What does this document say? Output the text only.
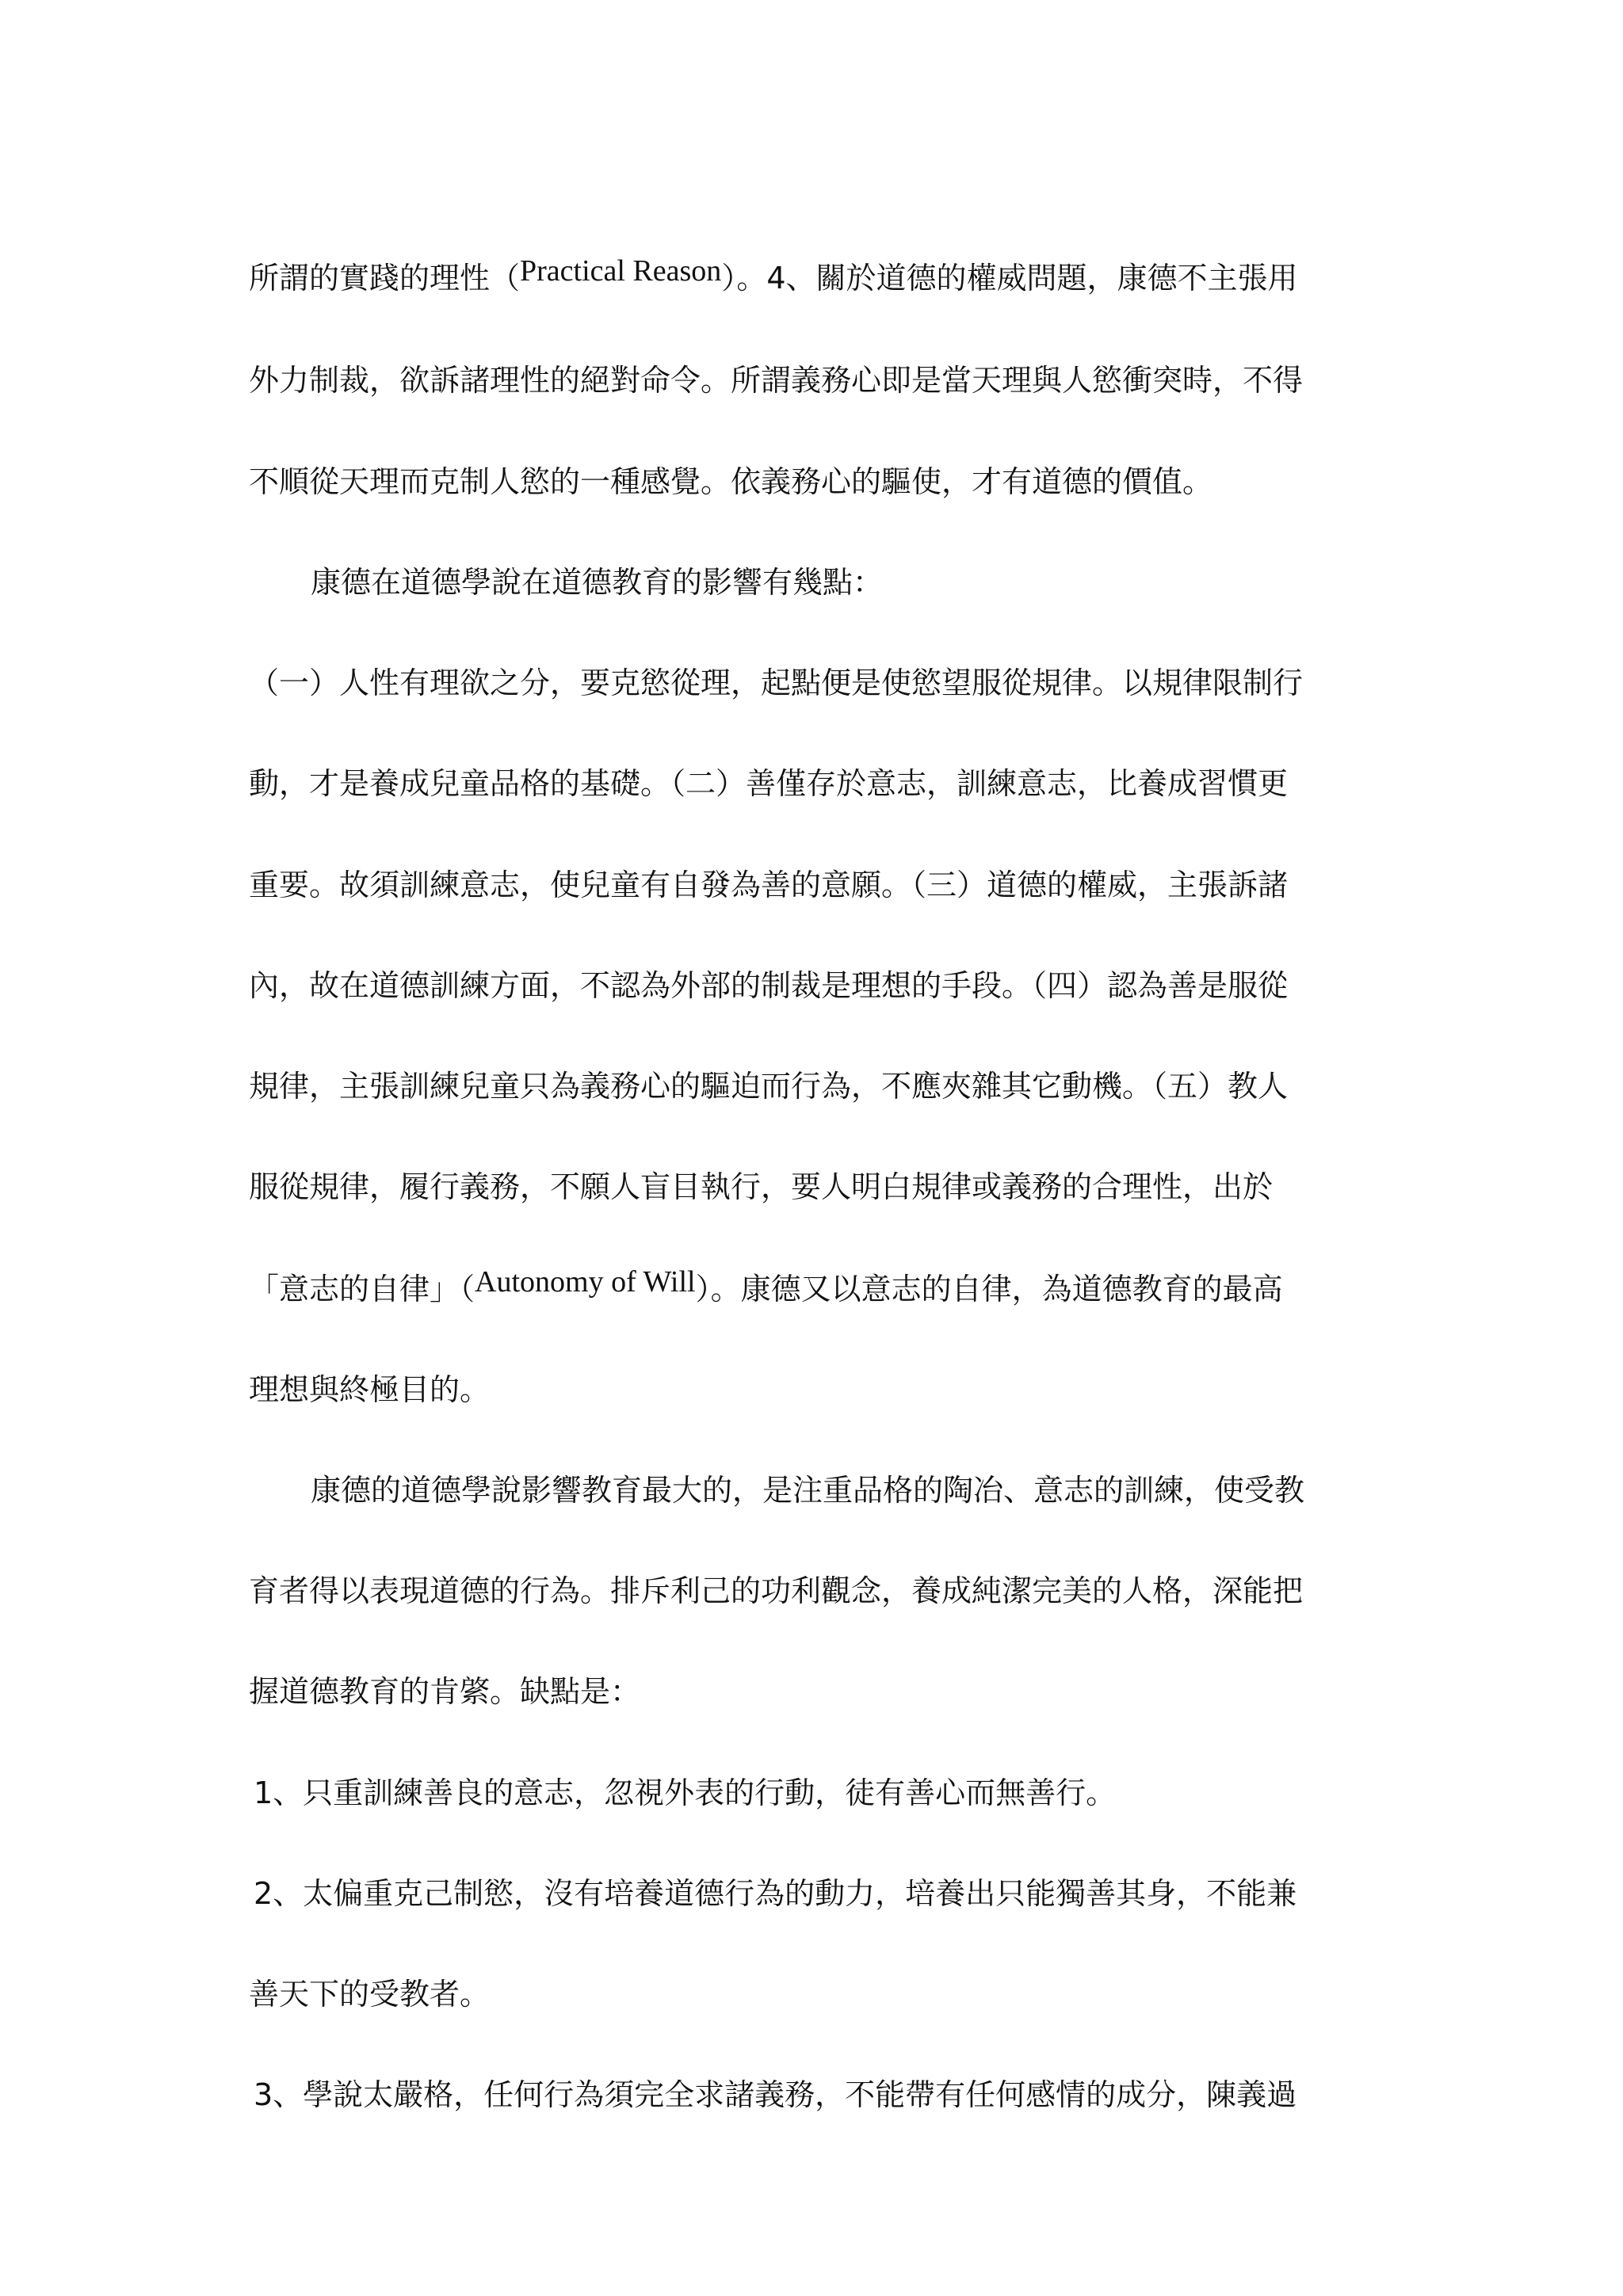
所謂的實踐的理性（Practical Reason）。4、關於道德的權威問題，康德不主張用
外力制裁，欲訴諸理性的絕對命令。所謂義務心即是當天理與人慾衝突時，不得
不順從天理而克制人慾的一種感覺。依義務心的驅使，才有道德的價值。
康德在道德學說在道德教育的影響有幾點：
（一）人性有理欲之分，要克慾從理，起點便是使慾望服從規律。以規律限制行
動，才是養成兒童品格的基礎。（二）善僅存於意志，訓練意志，比養成習慣更
重要。故須訓練意志，使兒童有自發為善的意願。（三）道德的權威，主張訴諸
內，故在道德訓練方面，不認為外部的制裁是理想的手段。（四）認為善是服從
規律，主張訓練兒童只為義務心的驅迫而行為，不應夾雜其它動機。（五）教人
服從規律，履行義務，不願人盲目執行，要人明白規律或義務的合理性，出於
「意志的自律」（Autonomy of Will）。康德又以意志的自律，為道德教育的最高
理想與終極目的。
康德的道德學說影響教育最大的，是注重品格的陶冶、意志的訓練，使受教
育者得以表現道德的行為。排斥利己的功利觀念，養成純潔完美的人格，深能把
握道德教育的肯綮。缺點是：
1、只重訓練善良的意志，忽視外表的行動，徒有善心而無善行。
2、太偏重克己制慾，沒有培養道德行為的動力，培養出只能獨善其身，不能兼
善天下的受教者。
3、學說太嚴格，任何行為須完全求諸義務，不能帶有任何感情的成分，陳義過
